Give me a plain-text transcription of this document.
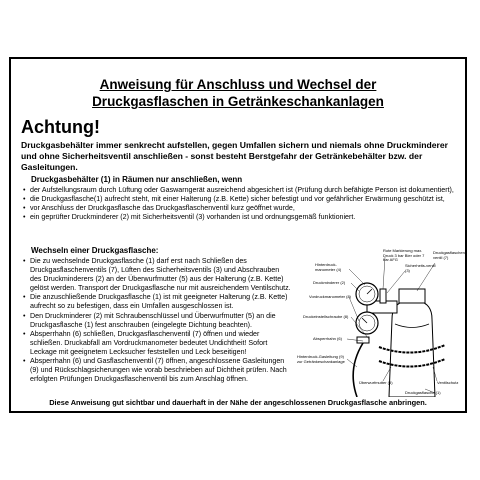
Anweisung für Anschluss und Wechsel der
Druckgasflaschen in Getränkeschankanlagen
Achtung!
Druckgasbehälter immer senkrecht aufstellen, gegen Umfallen sichern und niemals ohne Druckminderer und ohne Sicherheitsventil anschließen - sonst besteht Berstgefahr der Getränkebehälter bzw. der Gasleitungen.
Druckgasbehälter (1) in Räumen nur anschließen, wenn
• der Aufstellungsraum durch Lüftung oder Gaswarngerät ausreichend abgesichert ist (Prüfung durch befähigte Person ist dokumentiert),
• die Druckgasflasche(1) aufrecht steht, mit einer Halterung (z.B. Kette) sicher befestigt und vor gefährlicher Erwärmung geschützt ist,
• vor Anschluss der Druckgasflasche das Druckgasflaschenventil kurz geöffnet wurde,
• ein geprüfter Druckminderer (2) mit Sicherheitsventil (3) vorhanden ist und ordnungsgemäß funktioniert.
Wechseln einer Druckgasflasche:
• Die zu wechselnde Druckgasflasche (1) darf erst nach Schließen des Druckgasflaschenventils (7), Lüften des Sicherheitsventils (3) und Abschrauben des Druckminderers (2) an der Überwurfmutter (5) aus der Halterung (z.B. Kette) gelöst werden. Transport der Druckgasflasche nur mit ausreichendem Ventilschutz.
• Die anzuschließende Druckgasflasche (1) ist mit geeigneter Halterung (z.B. Kette) aufrecht so zu befestigen, dass ein Umfallen ausgeschlossen ist.
• Den Druckminderer (2) mit Schraubenschlüssel und Überwurfmutter (5) an die Druckgasflasche (1) fest anschrauben (eingelegte Dichtung beachten).
• Absperrhahn (6) schließen, Druckgasflaschenventil (7) öffnen und wieder schließen. Druckabfall am Vordruckmanometer bedeutet Undichtheit! Sofort Leckage mit geeignetem Lecksucher feststellen und Leck beseitigen!
• Absperrhahn (6) und Gasflaschenventil (7) öffnen, angeschlossene Gasleitungen (9) und Rückschlagsicherungen wie vorab beschrieben auf Dichtheit prüfen. Nach erfolgten Prüfungen Druckgasflaschenventil bis zum Anschlag öffnen.
Rote Markierung max. Druck 3 bar Bier oder 7 bar AFG
Hinterdruck-manometer (4)
Sicherheits-ventil (3)
Druckgasflaschen-ventil (7)
Druckminderer (2)
Vordruckmanometer (8)
Druckeinstellschraube (8)
Absperrhahn (6)
Hinterdruck-Gasleitung (9) zur Getränkeschankanlage
Überwurfmutter (5)	Ventilschutz
Druckgasflasche (1)
Diese Anweisung gut sichtbar und dauerhaft in der Nähe der angeschlossenen Druckgasflasche anbringen.
